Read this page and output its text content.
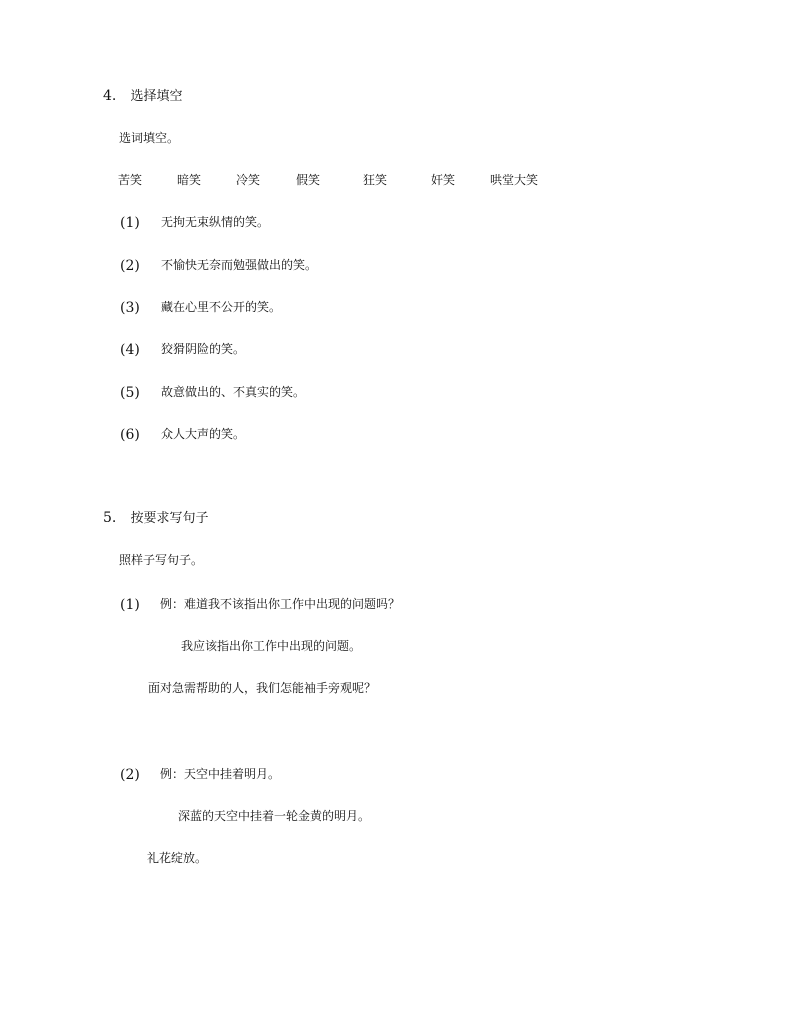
4. 选择填空
选词填空。
苦笑	暗笑	冷笑	假笑	狂笑	奸笑	哄堂大笑
(1) 无拘无束纵情的笑。
(2) 不愉快无奈而勉强做出的笑。
(3) 藏在心里不公开的笑。
(4) 狡猾阴险的笑。
(5) 故意做出的、不真实的笑。
(6) 众人大声的笑。
5. 按要求写句子
照样子写句子。
(1) 例：难道我不该指出你工作中出现的问题吗？
我应该指出你工作中出现的问题。
面对急需帮助的人，我们怎能袖手旁观呢？
(2) 例：天空中挂着明月。
深蓝的天空中挂着一轮金黄的明月。
礼花绽放。
